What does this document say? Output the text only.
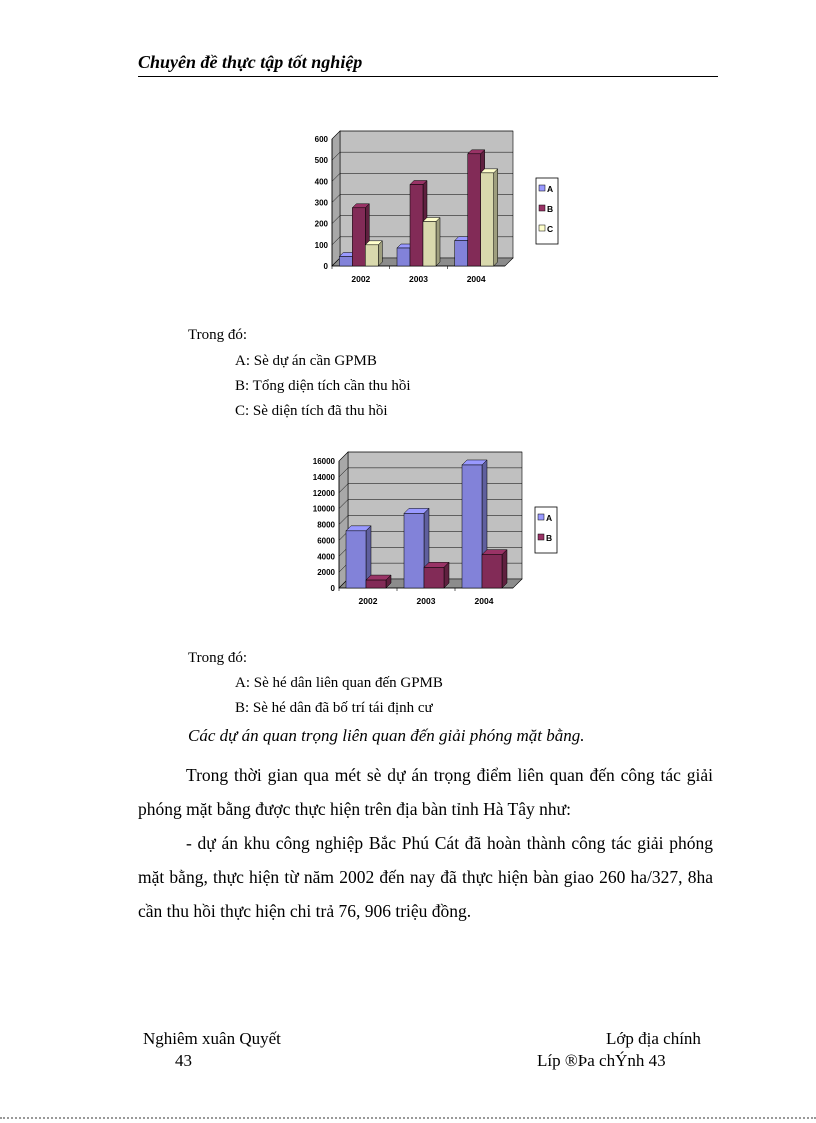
Chuyên đề thực tập tốt nghiệp
0
100
200
300
400
500
600
2002	2003	2004
A
B
C
Trong đó:
A: Sè dự án cần GPMB
B: Tổng diện tích cần thu hồi
C: Sè diện tích đã thu hồi
0
2000
4000
6000
8000
10000
12000
14000
16000
2002	2003	2004
A
B
Trong đó:
A: Sè hé dân liên quan đến GPMB
B: Sè hé dân đã bố trí tái định cư
Các dự án quan trọng liên quan đến giải phóng mặt bằng.

Trong thời gian qua mét sè dự án trọng điểm liên quan đến công tác giải phóng mặt bằng được thực hiện trên địa bàn tỉnh Hà Tây như:

- dự án khu công nghiệp Bắc Phú Cát đã hoàn thành công tác giải phóng mặt bằng, thực hiện từ năm 2002 đến nay đã thực hiện bàn giao 260 ha/327, 8ha cần thu hồi thực hiện chi trả 76, 906 triệu đồng.

Nghiêm xuân Quyết
43
Lớp địa chính
Líp ®Þa chÝnh 43
